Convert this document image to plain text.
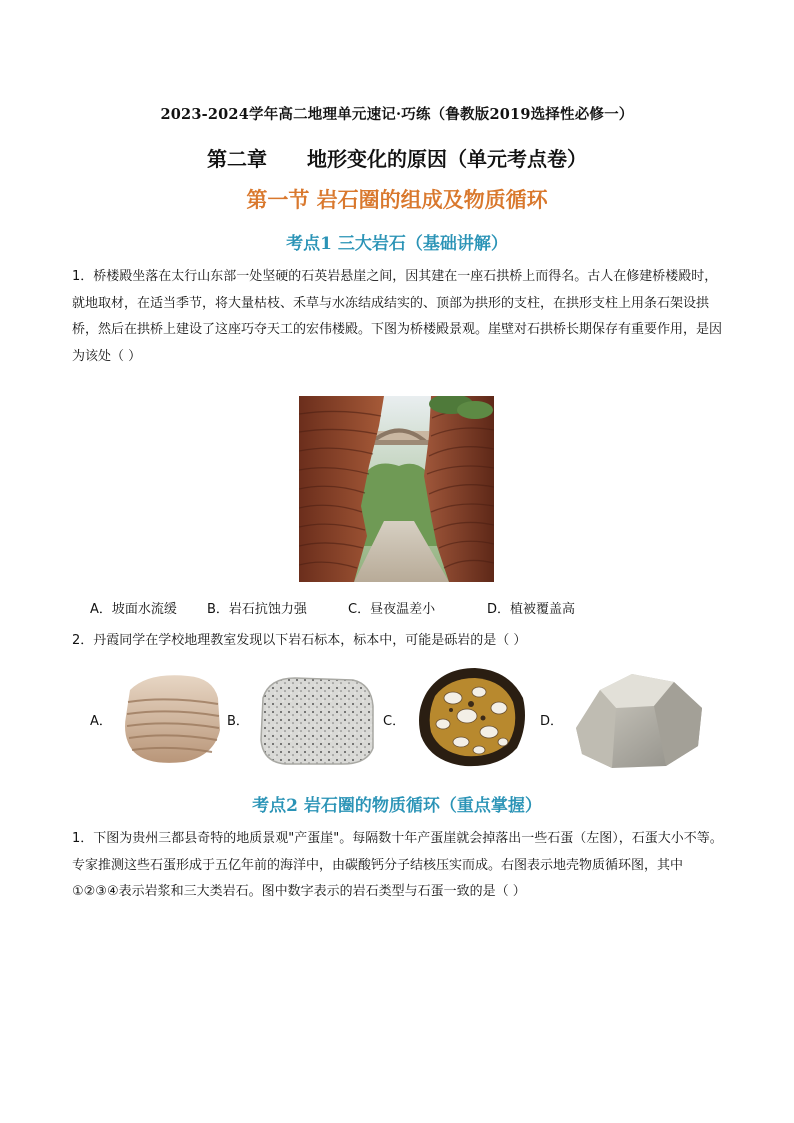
2023-2024学年高二地理单元速记·巧练（鲁教版2019选择性必修一）
第二章 地形变化的原因（单元考点卷）
第一节 岩石圈的组成及物质循环
考点1 三大岩石（基础讲解）
1．桥楼殿坐落在太行山东部一处坚硬的石英岩悬崖之间，因其建在一座石拱桥上而得名。古人在修建桥楼殿时，就地取材，在适当季节，将大量枯枝、禾草与水冻结成结实的、顶部为拱形的支柱，在拱形支柱上用条石架设拱桥，然后在拱桥上建设了这座巧夺天工的宏伟楼殿。下图为桥楼殿景观。崖壁对石拱桥长期保存有重要作用，是因为该处（ ）
A．坡面水流缓 B．岩石抗蚀力强	C．昼夜温差小	D．植被覆盖高
2．丹霞同学在学校地理教室发现以下岩石标本，标本中，可能是砾岩的是（ ）
A．	B．	C．	D．
考点2 岩石圈的物质循环（重点掌握）
1．下图为贵州三都县奇特的地质景观"产蛋崖"。每隔数十年产蛋崖就会掉落出一些石蛋（左图），石蛋大小不等。专家推测这些石蛋形成于五亿年前的海洋中，由碳酸钙分子结核压实而成。右图表示地壳物质循环图，其中①②③④表示岩浆和三大类岩石。图中数字表示的岩石类型与石蛋一致的是（ ）
